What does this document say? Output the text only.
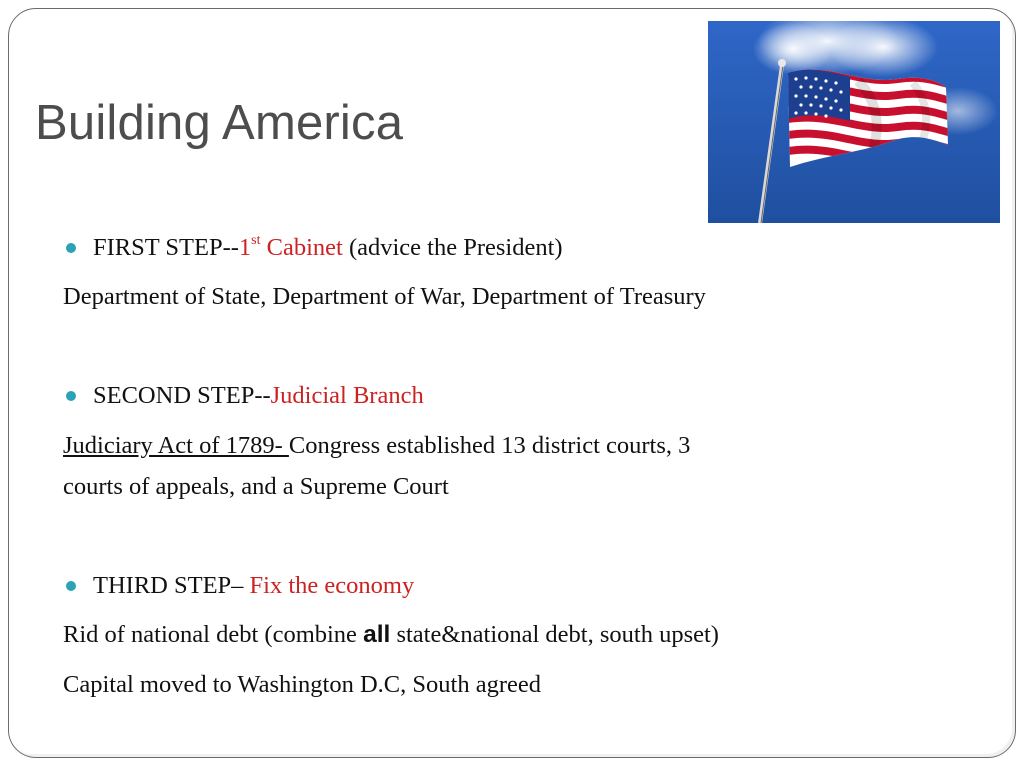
Building America
FIRST STEP--1st Cabinet (advice the President)
Department of State, Department of War, Department of Treasury
SECOND STEP--Judicial Branch
Judiciary Act of 1789- Congress established 13 district courts, 3
courts of appeals, and a Supreme Court
THIRD STEP– Fix the economy
Rid of national debt (combine all state&national debt, south upset)
Capital moved to Washington D.C, South agreed
